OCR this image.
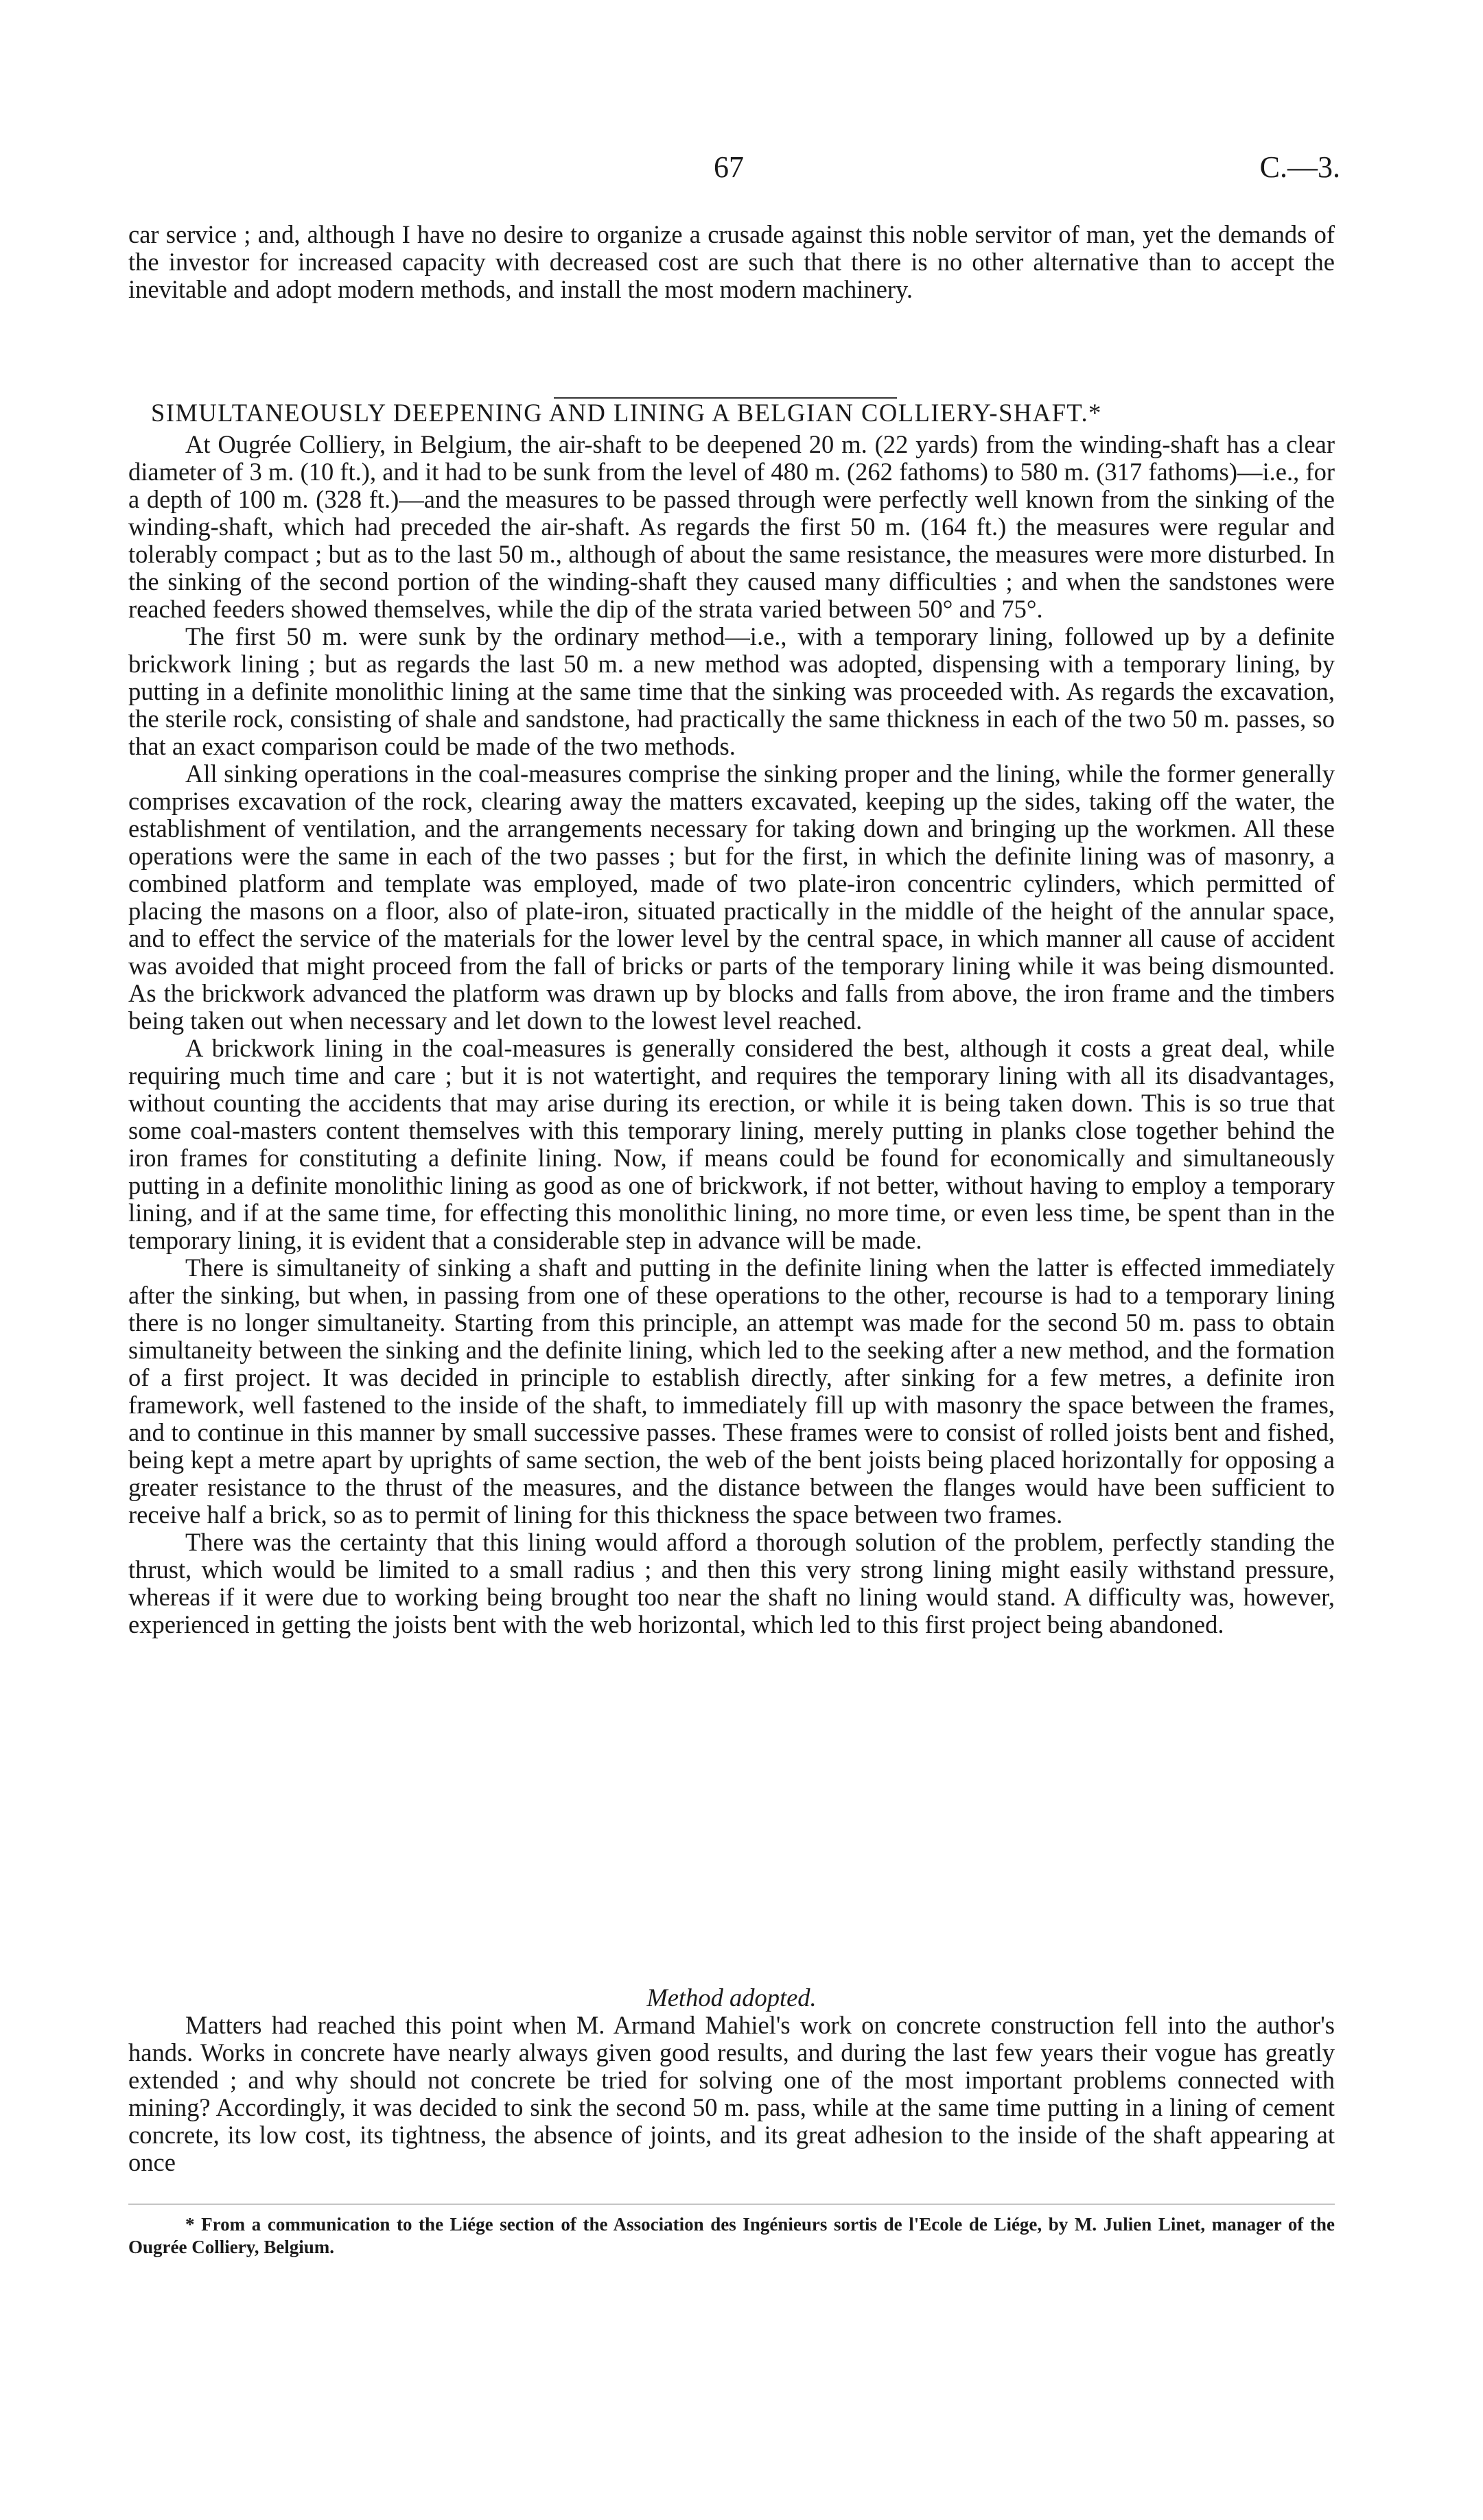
67	C.—3.

car service ; and, although I have no desire to organize a crusade against this noble servitor of man, yet the demands of the investor for increased capacity with decreased cost are such that there is no other alternative than to accept the inevitable and adopt modern methods, and install the most modern machinery.

SIMULTANEOUSLY DEEPENING AND LINING A BELGIAN COLLIERY-SHAFT.*

At Ougrée Colliery, in Belgium, the air-shaft to be deepened 20 m. (22 yards) from the winding-shaft has a clear diameter of 3 m. (10 ft.), and it had to be sunk from the level of 480 m. (262 fathoms) to 580 m. (317 fathoms)—i.e., for a depth of 100 m. (328 ft.)—and the measures to be passed through were perfectly well known from the sinking of the winding-shaft, which had preceded the air-shaft. As regards the first 50 m. (164 ft.) the measures were regular and tolerably compact ; but as to the last 50 m., although of about the same resistance, the measures were more disturbed. In the sinking of the second portion of the winding-shaft they caused many difficulties ; and when the sandstones were reached feeders showed themselves, while the dip of the strata varied between 50° and 75°.

The first 50 m. were sunk by the ordinary method—i.e., with a temporary lining, followed up by a definite brickwork lining ; but as regards the last 50 m. a new method was adopted, dispensing with a temporary lining, by putting in a definite monolithic lining at the same time that the sinking was proceeded with. As regards the excavation, the sterile rock, consisting of shale and sandstone, had practically the same thickness in each of the two 50 m. passes, so that an exact comparison could be made of the two methods.

All sinking operations in the coal-measures comprise the sinking proper and the lining, while the former generally comprises excavation of the rock, clearing away the matters excavated, keeping up the sides, taking off the water, the establishment of ventilation, and the arrangements necessary for taking down and bringing up the workmen. All these operations were the same in each of the two passes ; but for the first, in which the definite lining was of masonry, a combined platform and template was employed, made of two plate-iron concentric cylinders, which permitted of placing the masons on a floor, also of plate-iron, situated practically in the middle of the height of the annular space, and to effect the service of the materials for the lower level by the central space, in which manner all cause of accident was avoided that might proceed from the fall of bricks or parts of the temporary lining while it was being dismounted. As the brickwork advanced the platform was drawn up by blocks and falls from above, the iron frame and the timbers being taken out when necessary and let down to the lowest level reached.

A brickwork lining in the coal-measures is generally considered the best, although it costs a great deal, while requiring much time and care ; but it is not watertight, and requires the temporary lining with all its disadvantages, without counting the accidents that may arise during its erection, or while it is being taken down. This is so true that some coal-masters content themselves with this temporary lining, merely putting in planks close together behind the iron frames for constituting a definite lining. Now, if means could be found for economically and simultaneously putting in a definite monolithic lining as good as one of brickwork, if not better, without having to employ a temporary lining, and if at the same time, for effecting this monolithic lining, no more time, or even less time, be spent than in the temporary lining, it is evident that a considerable step in advance will be made.

There is simultaneity of sinking a shaft and putting in the definite lining when the latter is effected immediately after the sinking, but when, in passing from one of these operations to the other, recourse is had to a temporary lining there is no longer simultaneity. Starting from this principle, an attempt was made for the second 50 m. pass to obtain simultaneity between the sinking and the definite lining, which led to the seeking after a new method, and the formation of a first project. It was decided in principle to establish directly, after sinking for a few metres, a definite iron framework, well fastened to the inside of the shaft, to immediately fill up with masonry the space between the frames, and to continue in this manner by small successive passes. These frames were to consist of rolled joists bent and fished, being kept a metre apart by uprights of same section, the web of the bent joists being placed horizontally for opposing a greater resistance to the thrust of the measures, and the distance between the flanges would have been sufficient to receive half a brick, so as to permit of lining for this thickness the space between two frames.

There was the certainty that this lining would afford a thorough solution of the problem, perfectly standing the thrust, which would be limited to a small radius ; and then this very strong lining might easily withstand pressure, whereas if it were due to working being brought too near the shaft no lining would stand. A difficulty was, however, experienced in getting the joists bent with the web horizontal, which led to this first project being abandoned.

Method adopted.

Matters had reached this point when M. Armand Mahiel's work on concrete construction fell into the author's hands. Works in concrete have nearly always given good results, and during the last few years their vogue has greatly extended ; and why should not concrete be tried for solving one of the most important problems connected with mining? Accordingly, it was decided to sink the second 50 m. pass, while at the same time putting in a lining of cement concrete, its low cost, its tightness, the absence of joints, and its great adhesion to the inside of the shaft appearing at once

* From a communication to the Liége section of the Association des Ingénieurs sortis de l'Ecole de Liége, by M. Julien Linet, manager of the Ougrée Colliery, Belgium.
